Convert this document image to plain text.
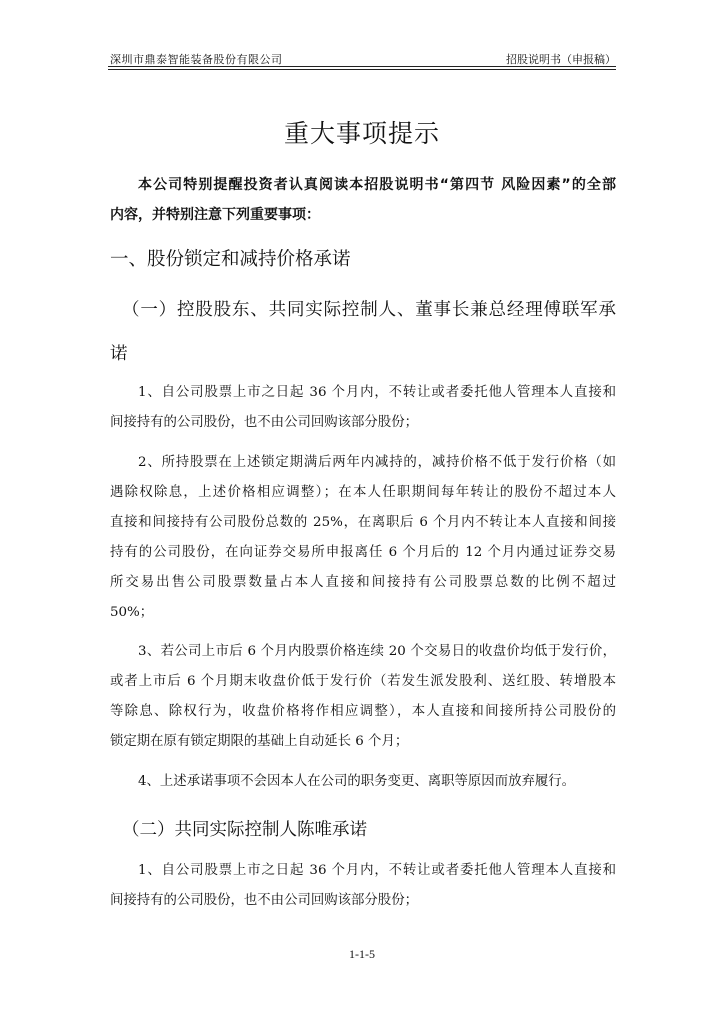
深圳市鼎泰智能装备股份有限公司	招股说明书（申报稿）
重大事项提示
本公司特别提醒投资者认真阅读本招股说明书“第四节 风险因素”的全部
内容，并特别注意下列重要事项：
一、股份锁定和减持价格承诺
（一）控股股东、共同实际控制人、董事长兼总经理傅联军承
诺
1、自公司股票上市之日起 36 个月内，不转让或者委托他人管理本人直接和
间接持有的公司股份，也不由公司回购该部分股份；
2、所持股票在上述锁定期满后两年内减持的，减持价格不低于发行价格（如
遇除权除息，上述价格相应调整）；在本人任职期间每年转让的股份不超过本人
直接和间接持有公司股份总数的 25%，在离职后 6 个月内不转让本人直接和间接
持有的公司股份，在向证券交易所申报离任 6 个月后的 12 个月内通过证券交易
所交易出售公司股票数量占本人直接和间接持有公司股票总数的比例不超过
50%；
3、若公司上市后 6 个月内股票价格连续 20 个交易日的收盘价均低于发行价，
或者上市后 6 个月期末收盘价低于发行价（若发生派发股利、送红股、转增股本
等除息、除权行为，收盘价格将作相应调整），本人直接和间接所持公司股份的
锁定期在原有锁定期限的基础上自动延长 6 个月；
4、上述承诺事项不会因本人在公司的职务变更、离职等原因而放弃履行。
（二）共同实际控制人陈唯承诺
1、自公司股票上市之日起 36 个月内，不转让或者委托他人管理本人直接和
间接持有的公司股份，也不由公司回购该部分股份；
1-1-5
